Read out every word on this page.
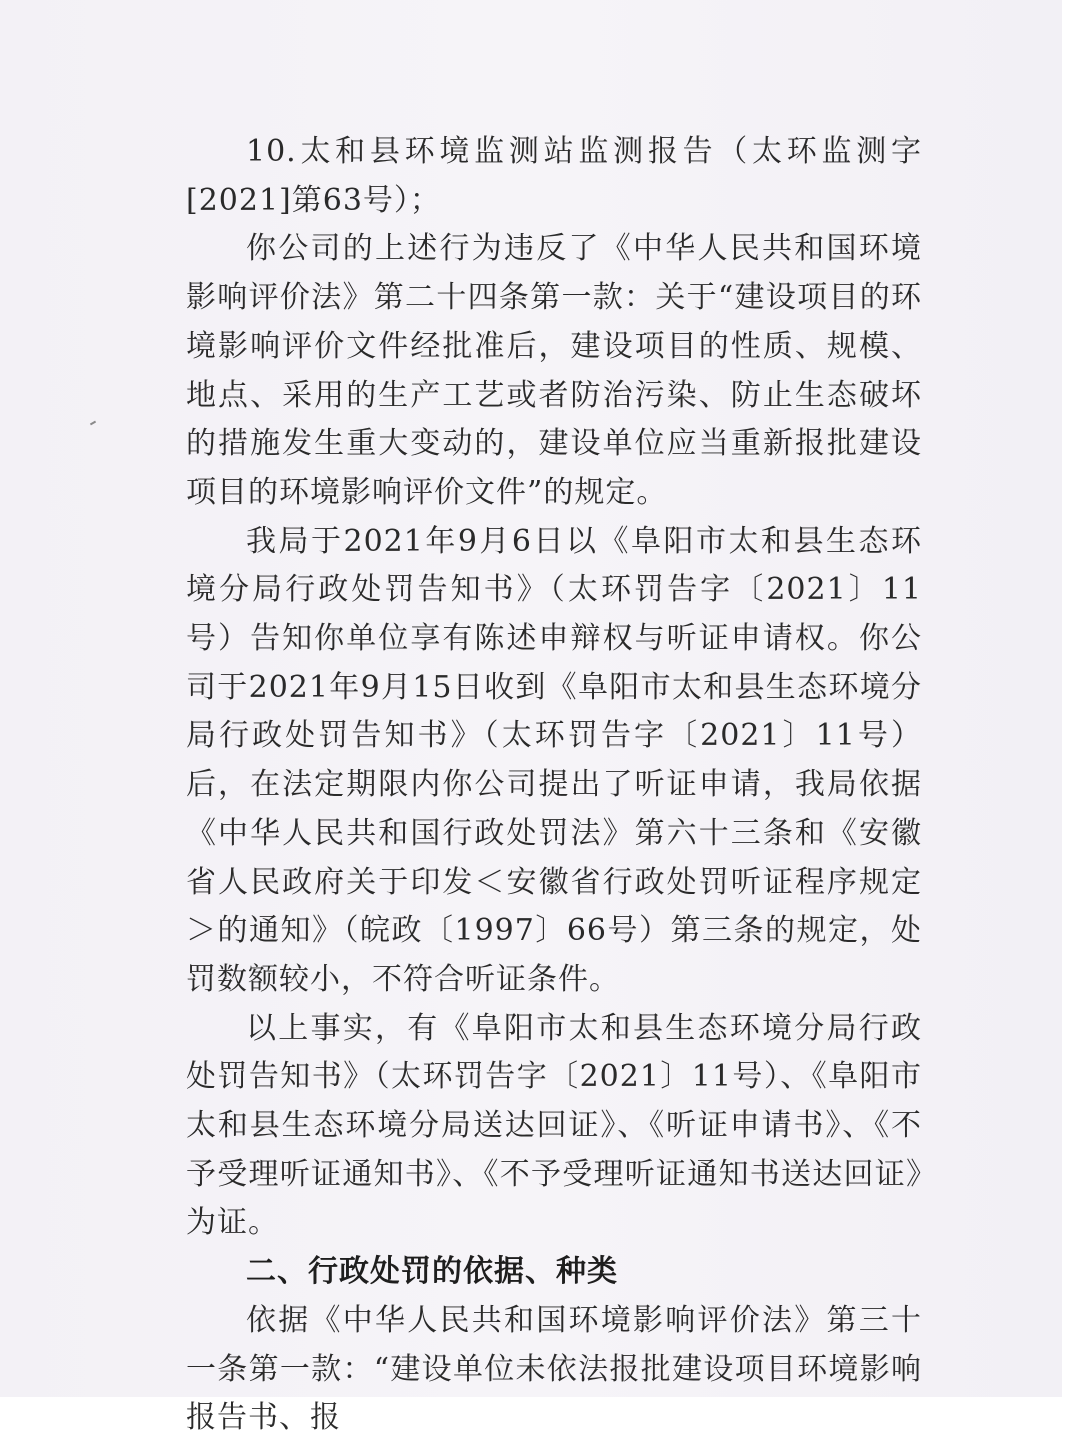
10.太和县环境监测站监测报告（太环监测字[2021]第63号）；

你公司的上述行为违反了《中华人民共和国环境影响评价法》第二十四条第一款：关于“建设项目的环境影响评价文件经批准后，建设项目的性质、规模、地点、采用的生产工艺或者防治污染、防止生态破坏的措施发生重大变动的，建设单位应当重新报批建设项目的环境影响评价文件”的规定。

我局于2021年9月6日以《阜阳市太和县生态环境分局行政处罚告知书》（太环罚告字〔2021〕11号）告知你单位享有陈述申辩权与听证申请权。你公司于2021年9月15日收到《阜阳市太和县生态环境分局行政处罚告知书》（太环罚告字〔2021〕11号）后，在法定期限内你公司提出了听证申请，我局依据《中华人民共和国行政处罚法》第六十三条和《安徽省人民政府关于印发＜安徽省行政处罚听证程序规定＞的通知》（皖政〔1997〕66号）第三条的规定，处罚数额较小，不符合听证条件。

以上事实，有《阜阳市太和县生态环境分局行政处罚告知书》（太环罚告字〔2021〕11号）、《阜阳市太和县生态环境分局送达回证》、《听证申请书》、《不予受理听证通知书》、《不予受理听证通知书送达回证》为证。

二、行政处罚的依据、种类

依据《中华人民共和国环境影响评价法》第三十一条第一款：“建设单位未依法报批建设项目环境影响报告书、报
